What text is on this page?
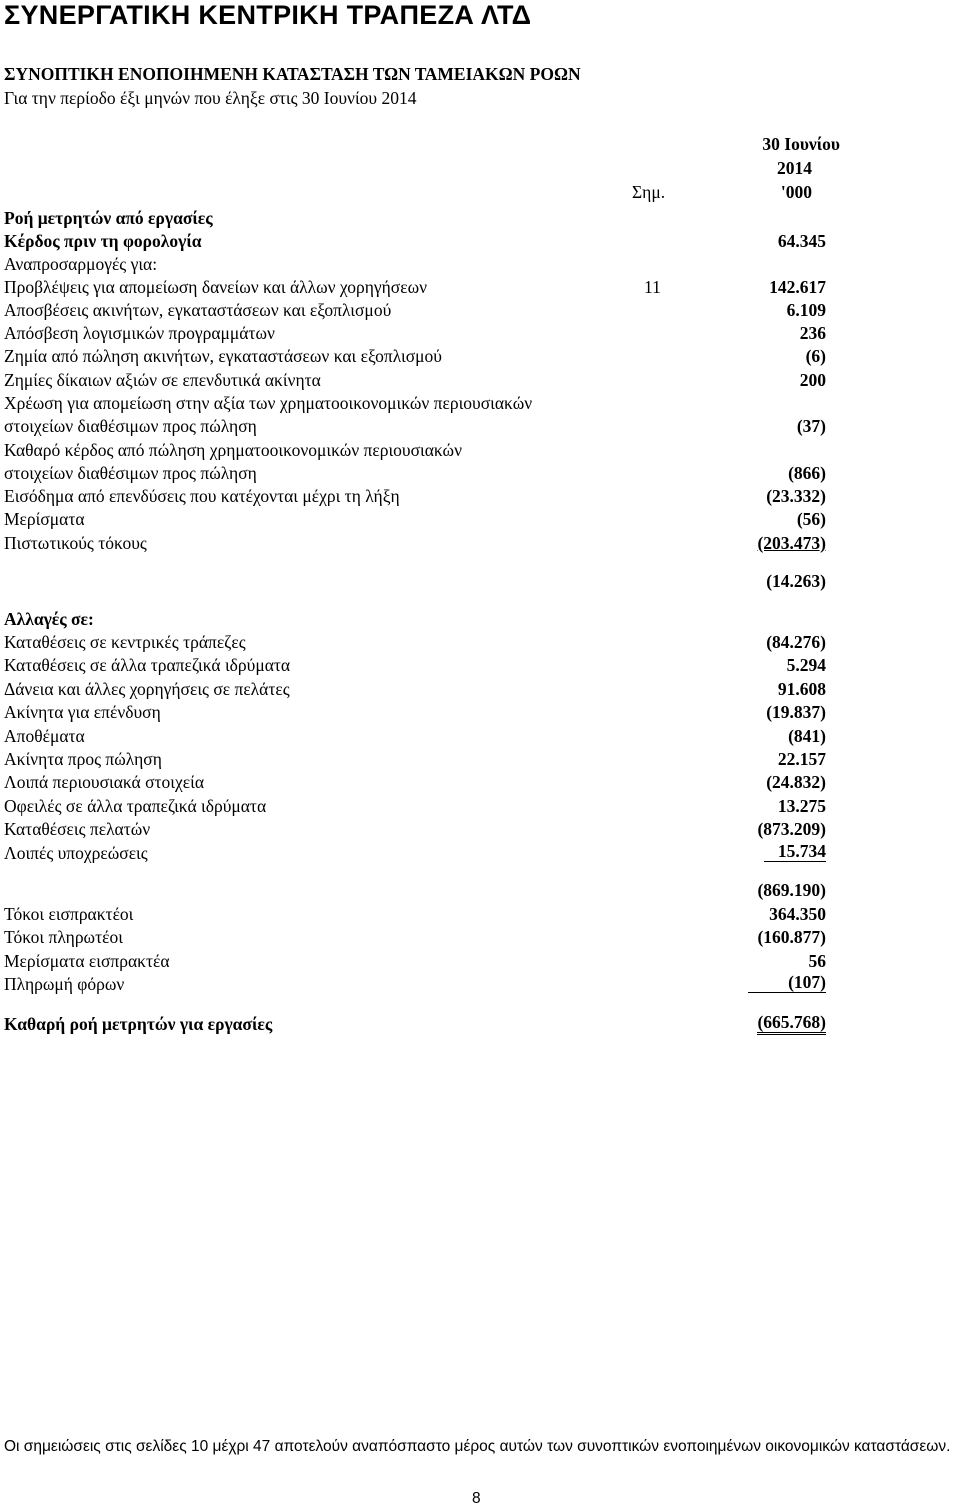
ΣΥΝΕΡΓΑΤΙΚΗ ΚΕΝΤΡΙΚΗ ΤΡΑΠΕΖΑ ΛΤΔ
ΣΥΝΟΠΤΙΚΗ ΕΝΟΠΟΙΗΜΕΝΗ ΚΑΤΑΣΤΑΣΗ ΤΩΝ ΤΑΜΕΙΑΚΩΝ ΡΟΩΝ
Για την περίοδο έξι μηνών που έληξε στις 30 Ιουνίου 2014
30 Ιουνίου
2014
Σημ.	'000
Ροή μετρητών από εργασίες
Κέρδος πριν τη φορολογία	64.345
Αναπροσαρμογές για:
Προβλέψεις για απομείωση δανείων και άλλων χορηγήσεων	11	142.617
Αποσβέσεις ακινήτων, εγκαταστάσεων και εξοπλισμού	6.109
Απόσβεση λογισμικών προγραμμάτων	236
Ζημία από πώληση ακινήτων, εγκαταστάσεων και εξοπλισμού	(6)
Ζημίες δίκαιων αξιών σε επενδυτικά ακίνητα	200
Χρέωση για απομείωση στην αξία των χρηματοοικονομικών περιουσιακών
στοιχείων διαθέσιμων προς πώληση	(37)
Καθαρό κέρδος από πώληση χρηματοοικονομικών περιουσιακών
στοιχείων διαθέσιμων προς πώληση	(866)
Εισόδημα από επενδύσεις που κατέχονται μέχρι τη λήξη	(23.332)
Μερίσματα	(56)
Πιστωτικούς τόκους	(203.473)
(14.263)
Αλλαγές σε:
Καταθέσεις σε κεντρικές τράπεζες	(84.276)
Καταθέσεις σε άλλα τραπεζικά ιδρύματα	5.294
Δάνεια και άλλες χορηγήσεις σε πελάτες	91.608
Ακίνητα για επένδυση	(19.837)
Αποθέματα	(841)
Ακίνητα προς πώληση	22.157
Λοιπά περιουσιακά στοιχεία	(24.832)
Οφειλές σε άλλα τραπεζικά ιδρύματα	13.275
Καταθέσεις πελατών	(873.209)
Λοιπές υποχρεώσεις	15.734
(869.190)
Τόκοι εισπρακτέοι	364.350
Τόκοι πληρωτέοι	(160.877)
Μερίσματα εισπρακτέα	56
Πληρωμή φόρων	(107)
Καθαρή ροή μετρητών για εργασίες	(665.768)
Οι σημειώσεις στις σελίδες 10 μέχρι 47 αποτελούν αναπόσπαστο μέρος αυτών των συνοπτικών ενοποιημένων οικονομικών καταστάσεων.
8
